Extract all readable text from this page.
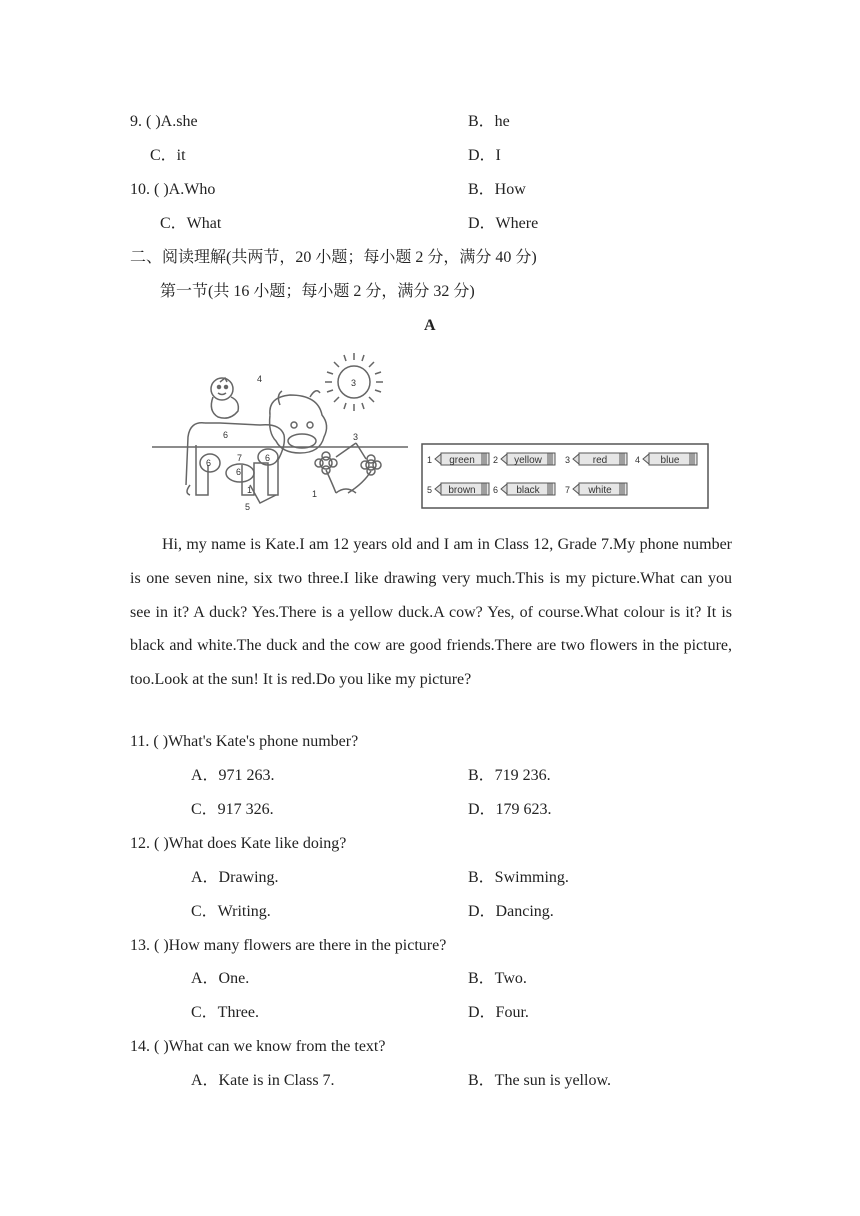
9. ( )A.she	B．he
C．it	D．I
10. ( )A.Who	B．How
C．What	D．Where
二、阅读理解(共两节，20 小题；每小题 2 分，满分 40 分)
第一节(共 16 小题；每小题 2 分，满分 32 分)
A
3
4
3
1
5
6
6	6
7
1
6
1 green 2 yellow	3 red	4 blue
5 brown 6 black	7 white
Hi, my name is Kate.I am 12 years old and I am in Class 12, Grade 7.My phone number is one seven nine, six two three.I like drawing very much.This is my picture.What can you see in it? A duck? Yes.There is a yellow duck.A cow? Yes, of course.What colour is it? It is black and white.The duck and the cow are good friends.There are two flowers in the picture, too.Look at the sun! It is red.Do you like my picture?
11. ( )What's Kate's phone number?
A．971 263.	B．719 236.
C．917 326.	D．179 623.
12. ( )What does Kate like doing?
A．Drawing.	B．Swimming.
C．Writing.	D．Dancing.
13. ( )How many flowers are there in the picture?
A．One.	B．Two.
C．Three.	D．Four.
14. ( )What can we know from the text?
A．Kate is in Class 7.	B．The sun is yellow.
